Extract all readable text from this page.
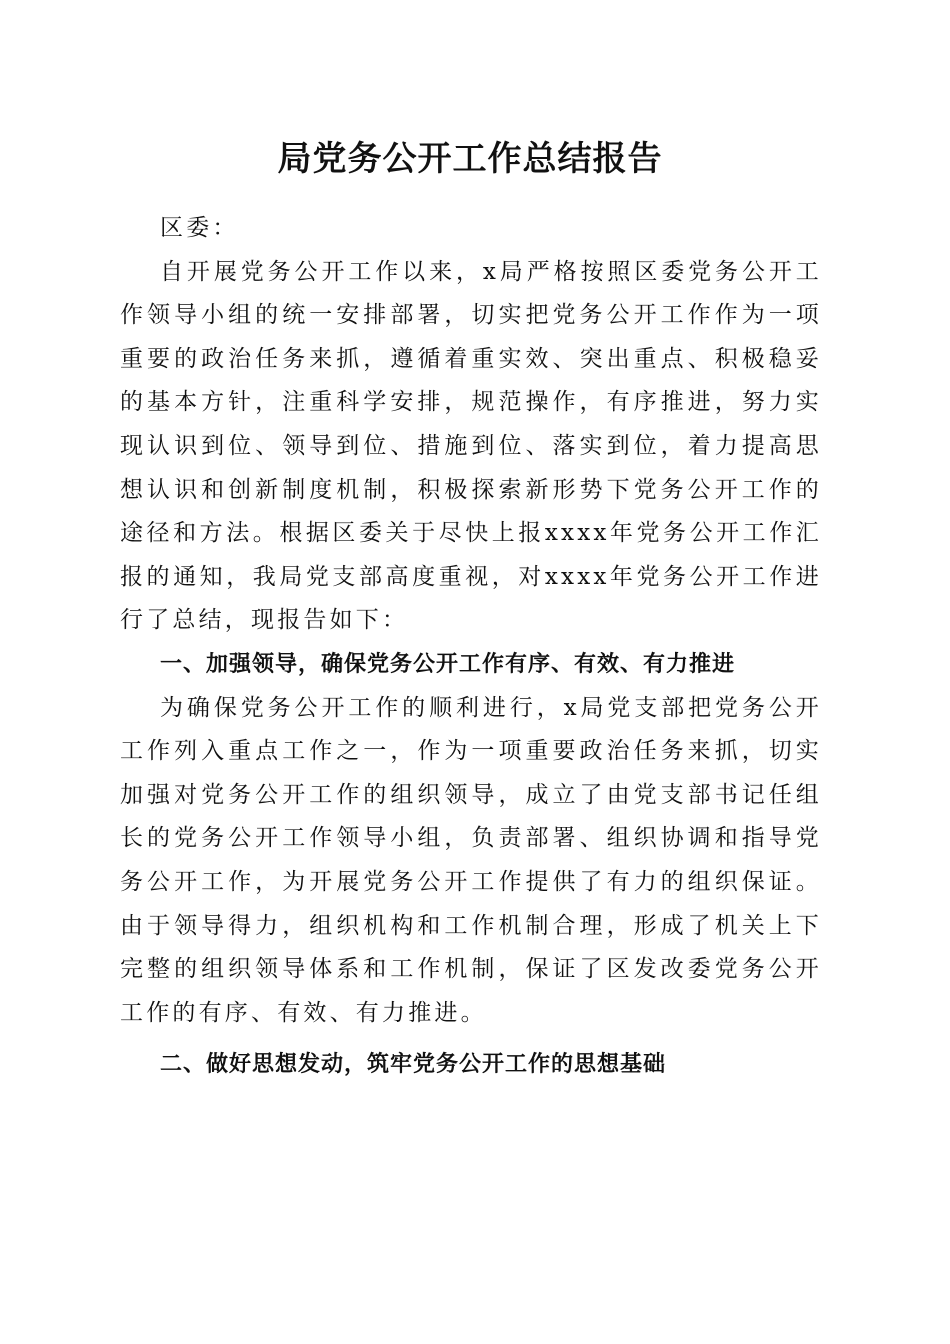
局党务公开工作总结报告

区委：

自开展党务公开工作以来，x局严格按照区委党务公开工作领导小组的统一安排部署，切实把党务公开工作作为一项重要的政治任务来抓，遵循着重实效、突出重点、积极稳妥的基本方针，注重科学安排，规范操作，有序推进，努力实现认识到位、领导到位、措施到位、落实到位，着力提高思想认识和创新制度机制，积极探索新形势下党务公开工作的途径和方法。根据区委关于尽快上报xxxx年党务公开工作汇报的通知，我局党支部高度重视，对xxxx年党务公开工作进行了总结，现报告如下：

一、加强领导，确保党务公开工作有序、有效、有力推进

为确保党务公开工作的顺利进行，x局党支部把党务公开工作列入重点工作之一，作为一项重要政治任务来抓，切实加强对党务公开工作的组织领导，成立了由党支部书记任组长的党务公开工作领导小组，负责部署、组织协调和指导党务公开工作，为开展党务公开工作提供了有力的组织保证。由于领导得力，组织机构和工作机制合理，形成了机关上下完整的组织领导体系和工作机制，保证了区发改委党务公开工作的有序、有效、有力推进。

二、做好思想发动，筑牢党务公开工作的思想基础
